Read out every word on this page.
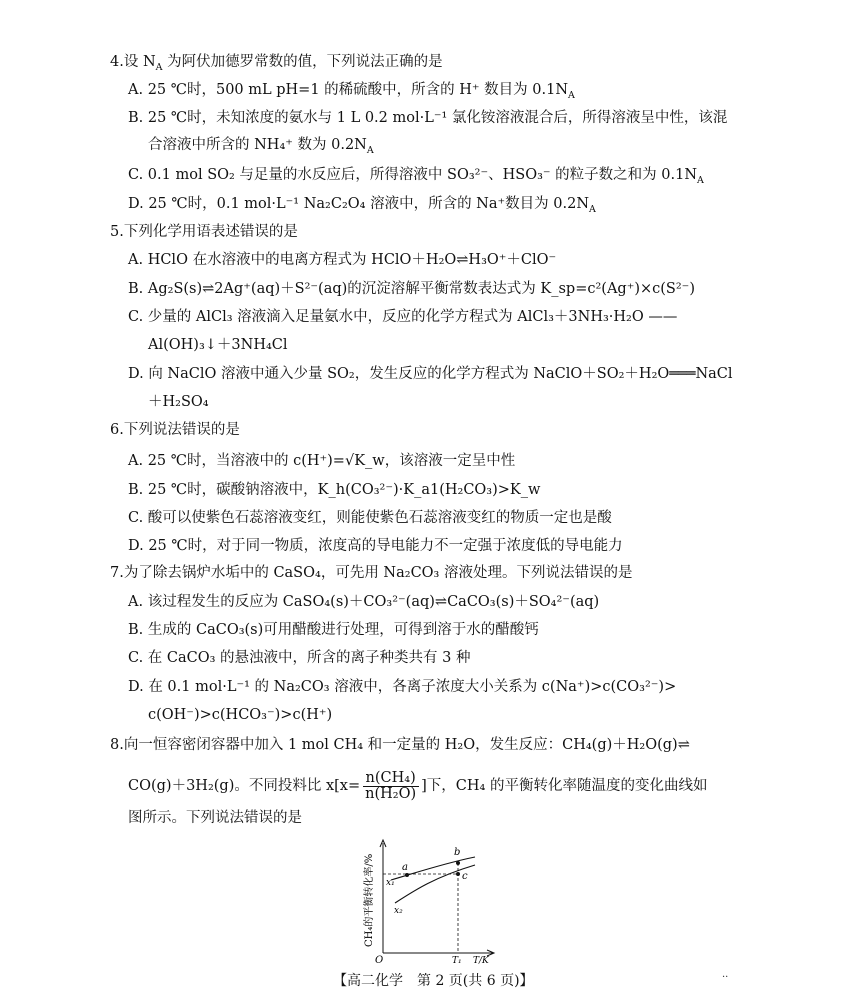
4.设 $N_A$ 为阿伏加德罗常数的值，下列说法正确的是
A. 25 ℃时，500 mL pH=1 的稀硫酸中，所含的 H⁺ 数目为 $0.1N_A$
B. 25 ℃时，未知浓度的氨水与 1 L 0.2 mol·L⁻¹ 氯化铵溶液混合后，所得溶液呈中性，该混
合溶液中所含的 NH₄⁺ 数为 $0.2N_A$
C. 0.1 mol SO₂ 与足量的水反应后，所得溶液中 SO₃²⁻、HSO₃⁻ 的粒子数之和为 $0.1N_A$
D. 25 ℃时，0.1 mol·L⁻¹ Na₂C₂O₄ 溶液中，所含的 Na⁺数目为 $0.2N_A$
5.下列化学用语表述错误的是
A. HClO 在水溶液中的电离方程式为 HClO＋H₂O⇌H₃O⁺＋ClO⁻
B. Ag₂S(s)⇌2Ag⁺(aq)＋S²⁻(aq)的沉淀溶解平衡常数表达式为 K_sp=c²(Ag⁺)×c(S²⁻)
C. 少量的 AlCl₃ 溶液滴入足量氨水中，反应的化学方程式为 AlCl₃＋3NH₃·H₂O ——
Al(OH)₃↓＋3NH₄Cl
D. 向 NaClO 溶液中通入少量 SO₂，发生反应的化学方程式为 NaClO＋SO₂＋H₂O═══NaCl
＋H₂SO₄
6.下列说法错误的是
A. 25 ℃时，当溶液中的 c(H⁺)=√K_w，该溶液一定呈中性
B. 25 ℃时，碳酸钠溶液中，K_h(CO₃²⁻)·K_a1(H₂CO₃)>K_w
C. 酸可以使紫色石蕊溶液变红，则能使紫色石蕊溶液变红的物质一定也是酸
D. 25 ℃时，对于同一物质，浓度高的导电能力不一定强于浓度低的导电能力
7.为了除去锅炉水垢中的 CaSO₄，可先用 Na₂CO₃ 溶液处理。下列说法错误的是
A. 该过程发生的反应为 CaSO₄(s)＋CO₃²⁻(aq)⇌CaCO₃(s)＋SO₄²⁻(aq)
B. 生成的 CaCO₃(s)可用醋酸进行处理，可得到溶于水的醋酸钙
C. 在 CaCO₃ 的悬浊液中，所含的离子种类共有 3 种
D. 在 0.1 mol·L⁻¹ 的 Na₂CO₃ 溶液中，各离子浓度大小关系为 c(Na⁺)>c(CO₃²⁻)>
c(OH⁻)>c(HCO₃⁻)>c(H⁺)
8.向一恒容密闭容器中加入 1 mol CH₄ 和一定量的 H₂O，发生反应：CH₄(g)＋H₂O(g)⇌
CO(g)＋3H₂(g)。不同投料比 $x[x= \frac{\text{n(CH₄)}}{\text{n(H₂O)}}$ ]下，CH₄ 的平衡转化率随温度的变化曲线如
图所示。下列说法错误的是
a
b
c
x₁
x₂
O	T₁ T/K
CH₄的平衡转化率/%
【高二化学　第 2 页(共 6 页)】	··
